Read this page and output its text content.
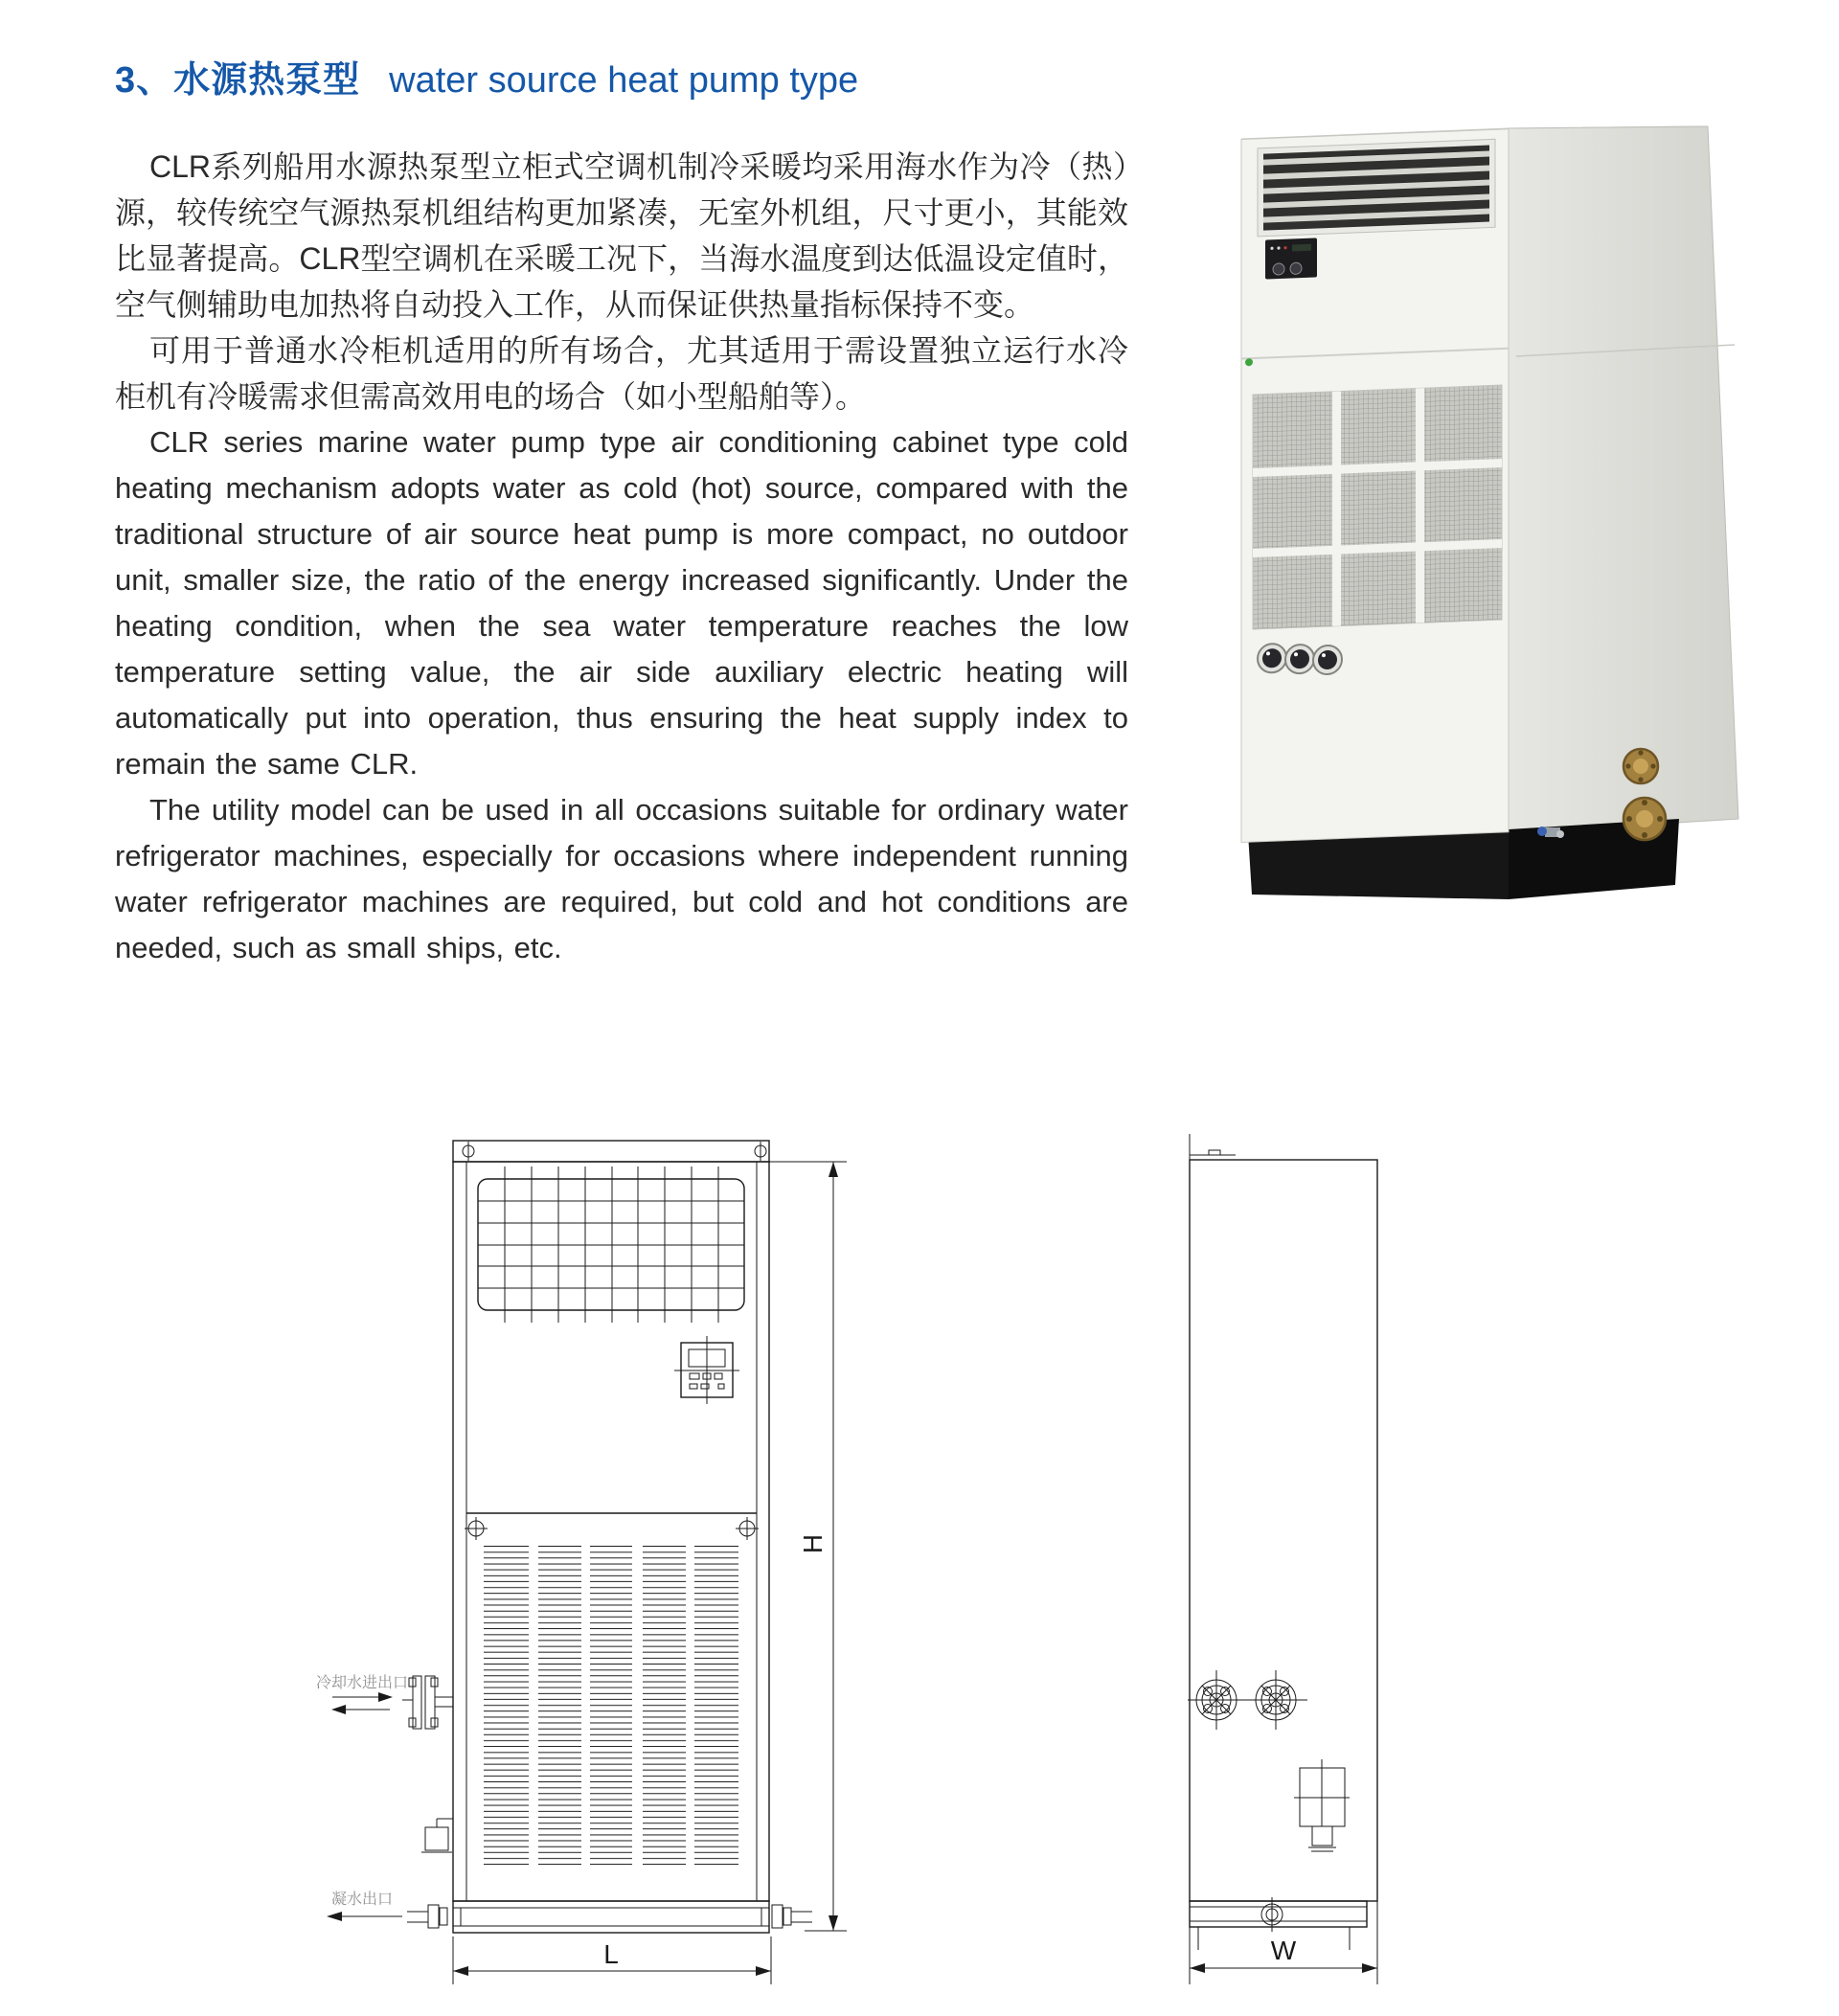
3、水源热泵型 water source heat pump type

CLR系列船用水源热泵型立柜式空调机制冷采暖均采用海水作为冷（热）源，较传统空气源热泵机组结构更加紧凑，无室外机组，尺寸更小，其能效比显著提高。CLR型空调机在采暖工况下，当海水温度到达低温设定值时，空气侧辅助电加热将自动投入工作，从而保证供热量指标保持不变。

可用于普通水冷柜机适用的所有场合，尤其适用于需设置独立运行水冷柜机有冷暖需求但需高效用电的场合（如小型船舶等）。

CLR series marine water pump type air conditioning cabinet type cold heating mechanism adopts water as cold (hot) source, compared with the traditional structure of air source heat pump is more compact, no outdoor unit, smaller size, the ratio of the energy increased significantly. Under the heating condition, when the sea water temperature reaches the low temperature setting value, the air side auxiliary electric heating will automatically put into operation, thus ensuring the heat supply index to remain the same CLR.

The utility model can be used in all occasions suitable for ordinary water refrigerator machines, especially for occasions where independent running water refrigerator machines are required, but cold and hot conditions are needed, such as small ships, etc.

冷却水进出口
凝水出口
L
H
W
